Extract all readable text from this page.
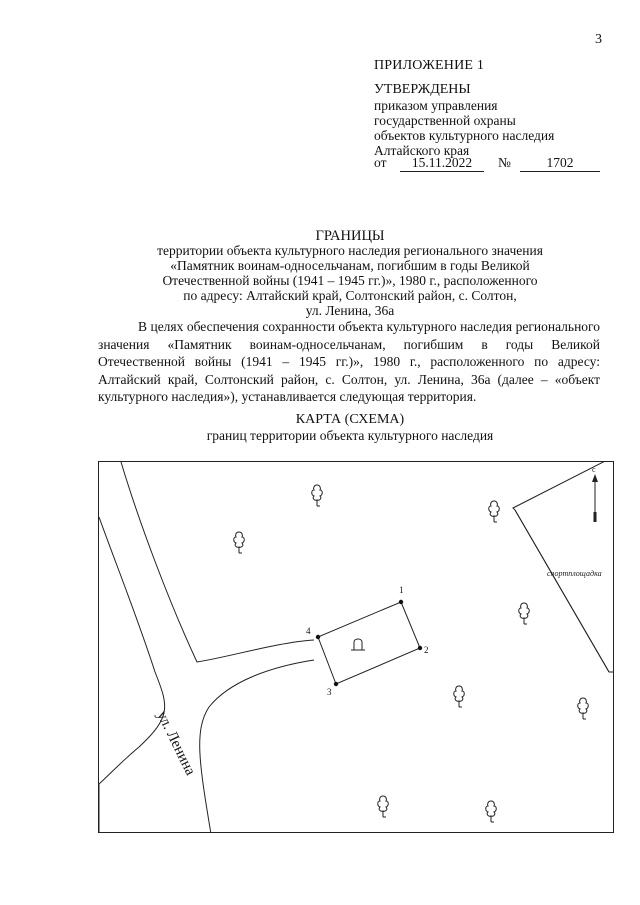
3
ПРИЛОЖЕНИЕ 1
УТВЕРЖДЕНЫ
приказом управления
государственной охраны
объектов культурного наследия
Алтайского края
от	15.11.2022	№	1702
ГРАНИЦЫ
территории объекта культурного наследия регионального значения
«Памятник воинам-односельчанам, погибшим в годы Великой
Отечественной войны (1941 – 1945 гг.)», 1980 г., расположенного
по адресу: Алтайский край, Солтонский район, с. Солтон,
ул. Ленина, 36а
В целях обеспечения сохранности объекта культурного наследия регионального значения «Памятник воинам-односельчанам, погибшим в годы Великой Отечественной войны (1941 – 1945 гг.)», 1980 г., расположенного по адресу: Алтайский край, Солтонский район, с. Солтон, ул. Ленина, 36а (далее – «объект культурного наследия»), устанавливается следующая территория.
КАРТА (СХЕМА)
границ территории объекта культурного наследия
спортплощадка
с
1
2
3
4
ул. Ленина
